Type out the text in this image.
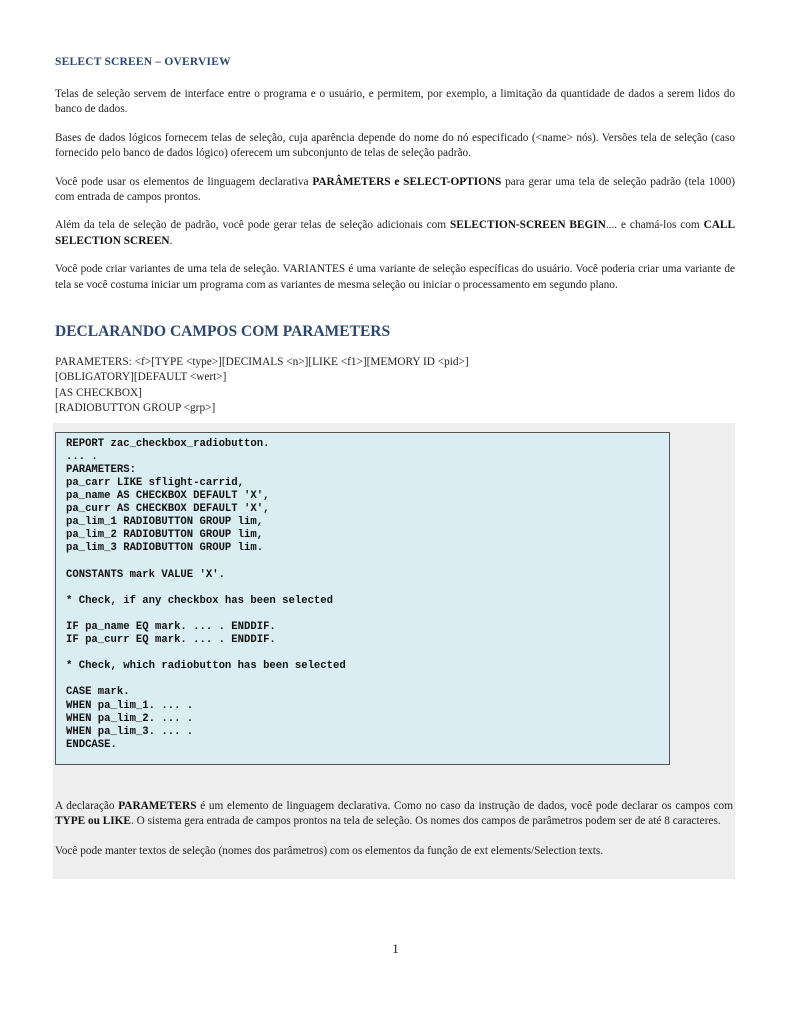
SELECT SCREEN – OVERVIEW

Telas de seleção servem de interface entre o programa e o usuário, e permitem, por exemplo, a limitação da quantidade de dados a serem lidos do banco de dados.

Bases de dados lógicos fornecem telas de seleção, cuja aparência depende do nome do nó especificado (<name> nós). Versões tela de seleção (caso fornecido pelo banco de dados lógico) oferecem um subconjunto de telas de seleção padrão.

Você pode usar os elementos de linguagem declarativa PARÂMETERS e SELECT-OPTIONS para gerar uma tela de seleção padrão (tela 1000) com entrada de campos prontos.

Além da tela de seleção de padrão, você pode gerar telas de seleção adicionais com SELECTION-SCREEN BEGIN.... e chamá-los com CALL SELECTION SCREEN.

Você pode criar variantes de uma tela de seleção. VARIANTES é uma variante de seleção específicas do usuário. Você poderia criar uma variante de tela se você costuma iniciar um programa com as variantes de mesma seleção ou iniciar o processamento em segundo plano.

DECLARANDO CAMPOS COM PARAMETERS
PARAMETERS: <f>[TYPE <type>][DECIMALS <n>][LIKE <f1>][MEMORY ID <pid>]
[OBLIGATORY][DEFAULT <wert>]
[AS CHECKBOX]
[RADIOBUTTON GROUP <grp>]
REPORT zac_checkbox_radiobutton.
... .
PARAMETERS:
pa_carr LIKE sflight-carrid,
pa_name AS CHECKBOX DEFAULT 'X',
pa_curr AS CHECKBOX DEFAULT 'X',
pa_lim_1 RADIOBUTTON GROUP lim,
pa_lim_2 RADIOBUTTON GROUP lim,
pa_lim_3 RADIOBUTTON GROUP lim.
CONSTANTS mark VALUE 'X'.
* Check, if any checkbox has been selected
IF pa_name EQ mark. ... . ENDDIF.
IF pa_curr EQ mark. ... . ENDDIF.
* Check, which radiobutton has been selected
CASE mark.
WHEN pa_lim_1. ... .
WHEN pa_lim_2. ... .
WHEN pa_lim_3. ... .
ENDCASE.

A declaração PARAMETERS é um elemento de linguagem declarativa. Como no caso da instrução de dados, você pode declarar os campos com TYPE ou LIKE. O sistema gera entrada de campos prontos na tela de seleção. Os nomes dos campos de parâmetros podem ser de até 8 caracteres.

Você pode manter textos de seleção (nomes dos parâmetros) com os elementos da função de ext elements/Selection texts.

1
